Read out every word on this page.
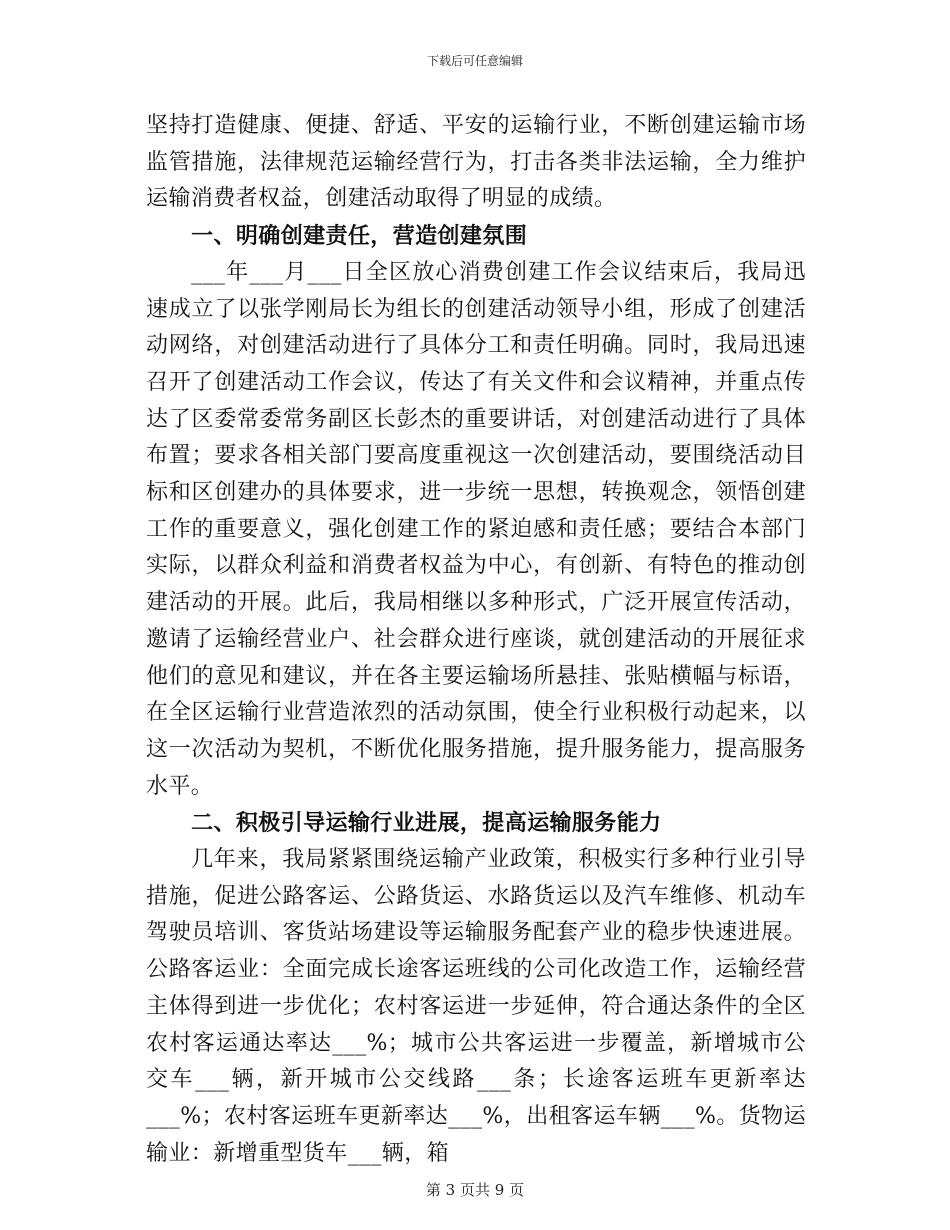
下载后可任意编辑

坚持打造健康、便捷、舒适、平安的运输行业，不断创建运输市场监管措施，法律规范运输经营行为，打击各类非法运输，全力维护运输消费者权益，创建活动取得了明显的成绩。

一、明确创建责任，营造创建氛围

___年___月___日全区放心消费创建工作会议结束后，我局迅速成立了以张学刚局长为组长的创建活动领导小组，形成了创建活动网络，对创建活动进行了具体分工和责任明确。同时，我局迅速召开了创建活动工作会议，传达了有关文件和会议精神，并重点传达了区委常委常务副区长彭杰的重要讲话，对创建活动进行了具体布置；要求各相关部门要高度重视这一次创建活动，要围绕活动目标和区创建办的具体要求，进一步统一思想，转换观念，领悟创建工作的重要意义，强化创建工作的紧迫感和责任感；要结合本部门实际，以群众利益和消费者权益为中心，有创新、有特色的推动创建活动的开展。此后，我局相继以多种形式，广泛开展宣传活动，邀请了运输经营业户、社会群众进行座谈，就创建活动的开展征求他们的意见和建议，并在各主要运输场所悬挂、张贴横幅与标语，在全区运输行业营造浓烈的活动氛围，使全行业积极行动起来，以这一次活动为契机，不断优化服务措施，提升服务能力，提高服务水平。

二、积极引导运输行业进展，提高运输服务能力

几年来，我局紧紧围绕运输产业政策，积极实行多种行业引导措施，促进公路客运、公路货运、水路货运以及汽车维修、机动车驾驶员培训、客货站场建设等运输服务配套产业的稳步快速进展。公路客运业：全面完成长途客运班线的公司化改造工作，运输经营主体得到进一步优化；农村客运进一步延伸，符合通达条件的全区农村客运通达率达___%；城市公共客运进一步覆盖，新增城市公交车___辆，新开城市公交线路___条；长途客运班车更新率达___%；农村客运班车更新率达___%，出租客运车辆___%。货物运输业：新增重型货车___辆，箱

第 3 页共 9 页
